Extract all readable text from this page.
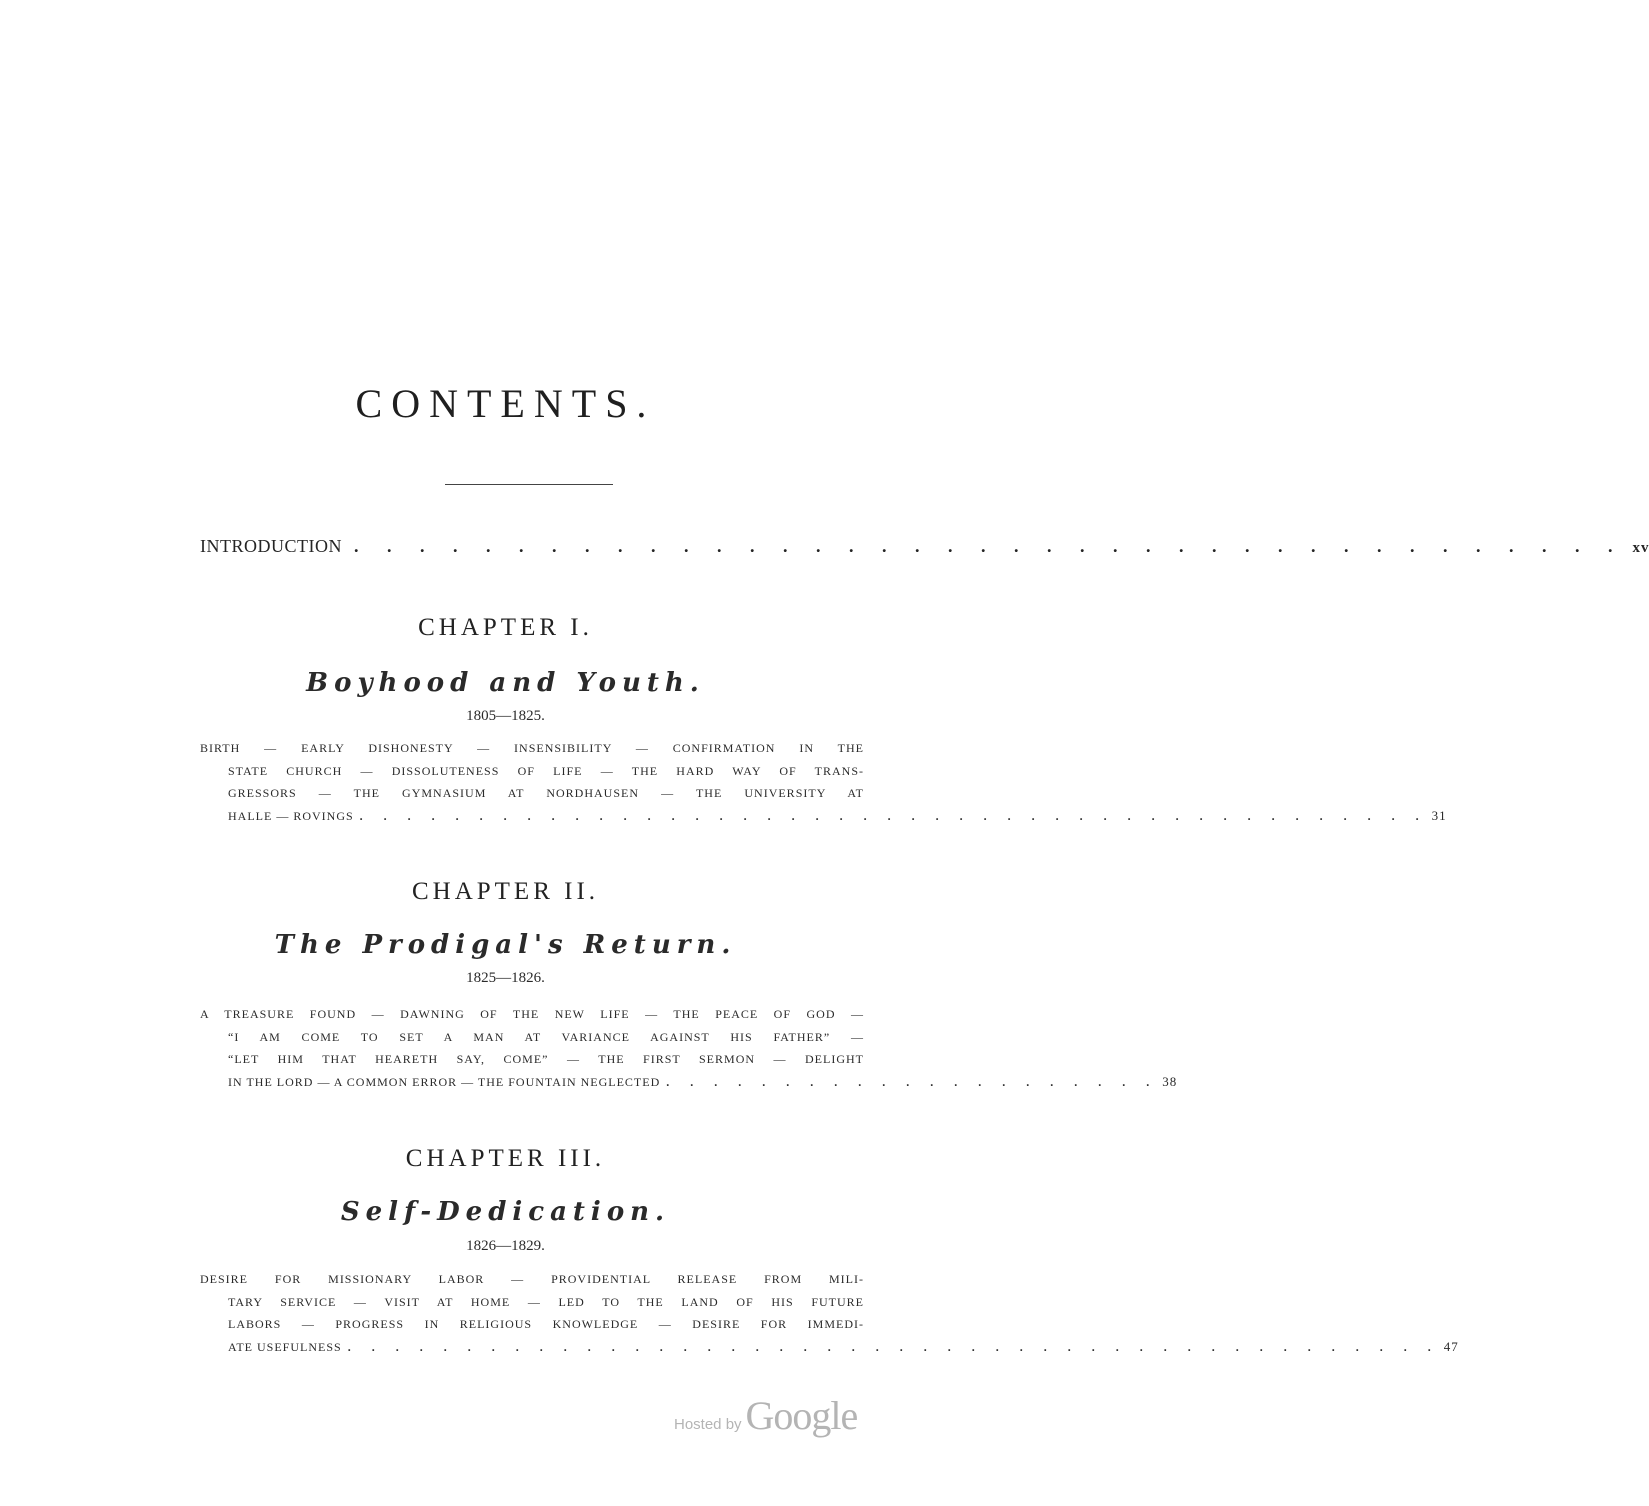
CONTENTS.
INTRODUCTION . . . . . . . . . . . . . . . . . . . . . . . . . . . . . . . . . . . . . . . xv
CHAPTER I.
Boyhood and Youth.
1805—1825.
BIRTH — EARLY DISHONESTY — INSENSIBILITY — CONFIRMATION IN THE
STATE CHURCH — DISSOLUTENESS OF LIFE — THE HARD WAY OF TRANS-
GRESSORS — THE GYMNASIUM AT NORDHAUSEN — THE UNIVERSITY AT
HALLE — ROVINGS . . . . . . . . . . . . . . . . . . . . . . . . . . . . . . . . . . . . . . . . . . . . . 31
CHAPTER II.
The Prodigal's Return.
1825—1826.
A TREASURE FOUND — DAWNING OF THE NEW LIFE — THE PEACE OF GOD —
“I AM COME TO SET A MAN AT VARIANCE AGAINST HIS FATHER” —
“LET HIM THAT HEARETH SAY, COME” — THE FIRST SERMON — DELIGHT
IN THE LORD — A COMMON ERROR — THE FOUNTAIN NEGLECTED . . . . . . . . . . . . . . . . . . . . . 38
CHAPTER III.
Self-Dedication.
1826—1829.
DESIRE FOR MISSIONARY LABOR — PROVIDENTIAL RELEASE FROM MILI-
TARY SERVICE — VISIT AT HOME — LED TO THE LAND OF HIS FUTURE
LABORS — PROGRESS IN RELIGIOUS KNOWLEDGE — DESIRE FOR IMMEDI-
ATE USEFULNESS . . . . . . . . . . . . . . . . . . . . . . . . . . . . . . . . . . . . . . . . . . . . . . 47
Hosted by Google
